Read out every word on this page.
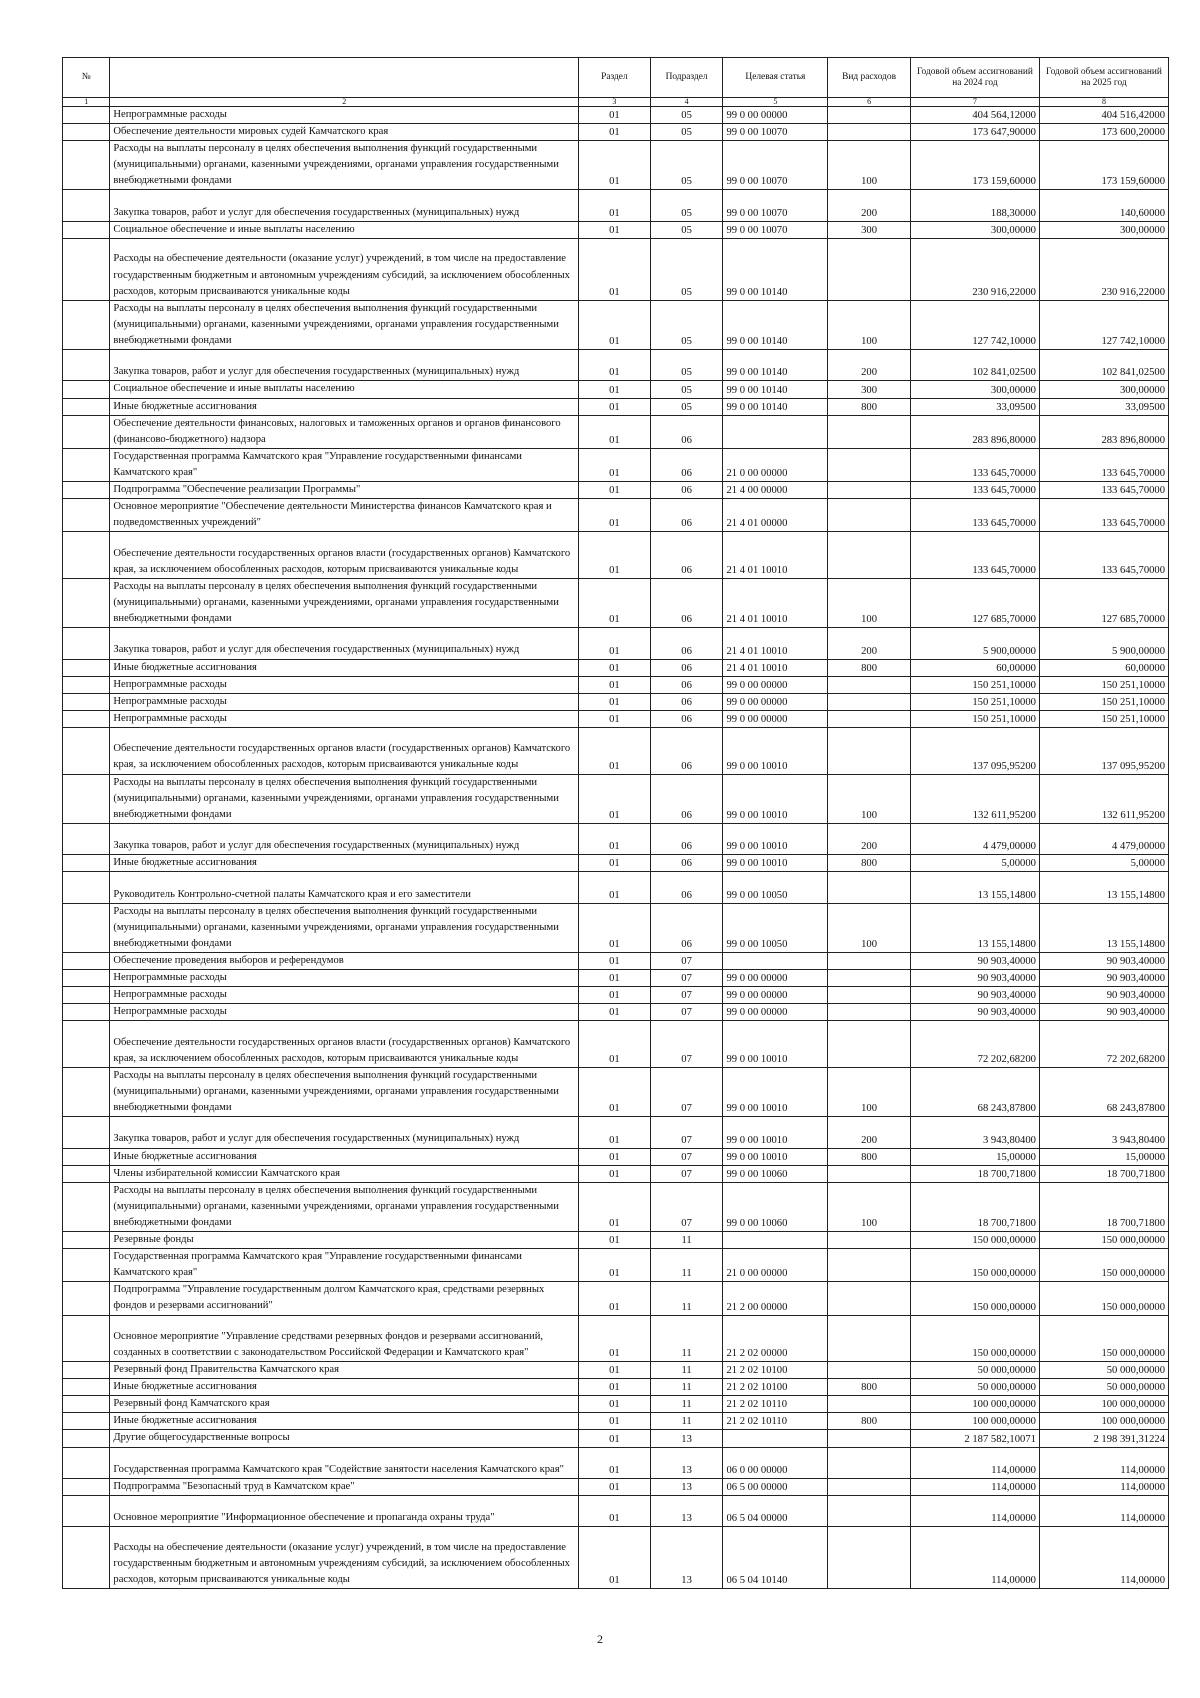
№		Раздел	Подраздел	Целевая статья	Вид расходов	Годовой объем ассигнований на 2024 год	Годовой объем ассигнований на 2025 год
1	2	3	4	5	6	7	8
	Непрограммные расходы	01	05	99 0 00 00000		404 564,12000	404 516,42000
	Обеспечение деятельности мировых судей Камчатского края	01	05	99 0 00 10070		173 647,90000	173 600,20000
	Расходы на выплаты персоналу в целях обеспечения выполнения функций государственными (муниципальными) органами, казенными учреждениями, органами управления государственными внебюджетными фондами	01	05	99 0 00 10070	100	173 159,60000	173 159,60000
	Закупка товаров, работ и услуг для обеспечения государственных (муниципальных) нужд	01	05	99 0 00 10070	200	188,30000	140,60000
	Социальное обеспечение и иные выплаты населению	01	05	99 0 00 10070	300	300,00000	300,00000
	Расходы на обеспечение деятельности (оказание услуг) учреждений, в том числе на предоставление государственным бюджетным и автономным учреждениям субсидий, за исключением обособленных расходов, которым присваиваются уникальные коды	01	05	99 0 00 10140		230 916,22000	230 916,22000
	Расходы на выплаты персоналу в целях обеспечения выполнения функций государственными (муниципальными) органами, казенными учреждениями, органами управления государственными внебюджетными фондами	01	05	99 0 00 10140	100	127 742,10000	127 742,10000
	Закупка товаров, работ и услуг для обеспечения государственных (муниципальных) нужд	01	05	99 0 00 10140	200	102 841,02500	102 841,02500
	Социальное обеспечение и иные выплаты населению	01	05	99 0 00 10140	300	300,00000	300,00000
	Иные бюджетные ассигнования	01	05	99 0 00 10140	800	33,09500	33,09500
	Обеспечение деятельности финансовых, налоговых и таможенных органов и органов финансового (финансово-бюджетного) надзора	01	06			283 896,80000	283 896,80000
	Государственная программа Камчатского края "Управление государственными финансами Камчатского края"	01	06	21 0 00 00000		133 645,70000	133 645,70000
	Подпрограмма "Обеспечение реализации Программы"	01	06	21 4 00 00000		133 645,70000	133 645,70000
	Основное мероприятие "Обеспечение деятельности Министерства финансов Камчатского края и подведомственных учреждений"	01	06	21 4 01 00000		133 645,70000	133 645,70000
	Обеспечение деятельности государственных органов власти (государственных органов) Камчатского края, за исключением обособленных расходов, которым присваиваются уникальные коды	01	06	21 4 01 10010		133 645,70000	133 645,70000
	Расходы на выплаты персоналу в целях обеспечения выполнения функций государственными (муниципальными) органами, казенными учреждениями, органами управления государственными внебюджетными фондами	01	06	21 4 01 10010	100	127 685,70000	127 685,70000
	Закупка товаров, работ и услуг для обеспечения государственных (муниципальных) нужд	01	06	21 4 01 10010	200	5 900,00000	5 900,00000
	Иные бюджетные ассигнования	01	06	21 4 01 10010	800	60,00000	60,00000
	Непрограммные расходы	01	06	99 0 00 00000		150 251,10000	150 251,10000
	Непрограммные расходы	01	06	99 0 00 00000		150 251,10000	150 251,10000
	Непрограммные расходы	01	06	99 0 00 00000		150 251,10000	150 251,10000
	Обеспечение деятельности государственных органов власти (государственных органов) Камчатского края, за исключением обособленных расходов, которым присваиваются уникальные коды	01	06	99 0 00 10010		137 095,95200	137 095,95200
	Расходы на выплаты персоналу в целях обеспечения выполнения функций государственными (муниципальными) органами, казенными учреждениями, органами управления государственными внебюджетными фондами	01	06	99 0 00 10010	100	132 611,95200	132 611,95200
	Закупка товаров, работ и услуг для обеспечения государственных (муниципальных) нужд	01	06	99 0 00 10010	200	4 479,00000	4 479,00000
	Иные бюджетные ассигнования	01	06	99 0 00 10010	800	5,00000	5,00000
	Руководитель Контрольно-счетной палаты Камчатского края и его заместители	01	06	99 0 00 10050		13 155,14800	13 155,14800
	Расходы на выплаты персоналу в целях обеспечения выполнения функций государственными (муниципальными) органами, казенными учреждениями, органами управления государственными внебюджетными фондами	01	06	99 0 00 10050	100	13 155,14800	13 155,14800
	Обеспечение проведения выборов и референдумов	01	07			90 903,40000	90 903,40000
	Непрограммные расходы	01	07	99 0 00 00000		90 903,40000	90 903,40000
	Непрограммные расходы	01	07	99 0 00 00000		90 903,40000	90 903,40000
	Непрограммные расходы	01	07	99 0 00 00000		90 903,40000	90 903,40000
	Обеспечение деятельности государственных органов власти (государственных органов) Камчатского края, за исключением обособленных расходов, которым присваиваются уникальные коды	01	07	99 0 00 10010		72 202,68200	72 202,68200
	Расходы на выплаты персоналу в целях обеспечения выполнения функций государственными (муниципальными) органами, казенными учреждениями, органами управления государственными внебюджетными фондами	01	07	99 0 00 10010	100	68 243,87800	68 243,87800
	Закупка товаров, работ и услуг для обеспечения государственных (муниципальных) нужд	01	07	99 0 00 10010	200	3 943,80400	3 943,80400
	Иные бюджетные ассигнования	01	07	99 0 00 10010	800	15,00000	15,00000
	Члены избирательной комиссии Камчатского края	01	07	99 0 00 10060		18 700,71800	18 700,71800
	Расходы на выплаты персоналу в целях обеспечения выполнения функций государственными (муниципальными) органами, казенными учреждениями, органами управления государственными внебюджетными фондами	01	07	99 0 00 10060	100	18 700,71800	18 700,71800
	Резервные фонды	01	11			150 000,00000	150 000,00000
	Государственная программа Камчатского края "Управление государственными финансами Камчатского края"	01	11	21 0 00 00000		150 000,00000	150 000,00000
	Подпрограмма "Управление государственным долгом Камчатского края, средствами резервных фондов и резервами ассигнований"	01	11	21 2 00 00000		150 000,00000	150 000,00000
	Основное мероприятие "Управление средствами резервных фондов и резервами ассигнований, созданных в соответствии с законодательством Российской Федерации и Камчатского края"	01	11	21 2 02 00000		150 000,00000	150 000,00000
	Резервный фонд Правительства Камчатского края	01	11	21 2 02 10100		50 000,00000	50 000,00000
	Иные бюджетные ассигнования	01	11	21 2 02 10100	800	50 000,00000	50 000,00000
	Резервный фонд Камчатского края	01	11	21 2 02 10110		100 000,00000	100 000,00000
	Иные бюджетные ассигнования	01	11	21 2 02 10110	800	100 000,00000	100 000,00000
	Другие общегосударственные вопросы	01	13			2 187 582,10071	2 198 391,31224
	Государственная программа Камчатского края "Содействие занятости населения Камчатского края"	01	13	06 0 00 00000		114,00000	114,00000
	Подпрограмма "Безопасный труд в Камчатском крае"	01	13	06 5 00 00000		114,00000	114,00000
	Основное мероприятие "Информационное обеспечение и пропаганда охраны труда"	01	13	06 5 04 00000		114,00000	114,00000
	Расходы на обеспечение деятельности (оказание услуг) учреждений, в том числе на предоставление государственным бюджетным и автономным учреждениям субсидий, за исключением обособленных расходов, которым присваиваются уникальные коды	01	13	06 5 04 10140		114,00000	114,00000
2
